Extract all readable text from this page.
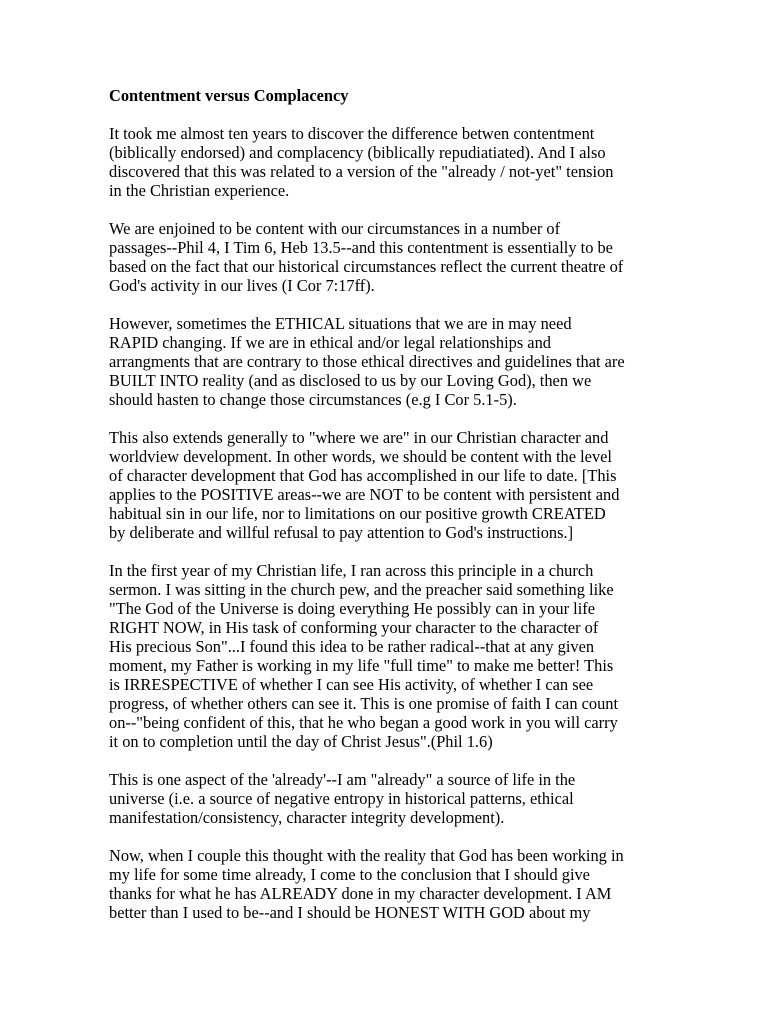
Contentment versus Complacency
It took me almost ten years to discover the difference betwen contentment
(biblically endorsed) and complacency (biblically repudiatiated). And I also
discovered that this was related to a version of the "already / not-yet" tension
in the Christian experience.
We are enjoined to be content with our circumstances in a number of
passages--Phil 4, I Tim 6, Heb 13.5--and this contentment is essentially to be
based on the fact that our historical circumstances reflect the current theatre of
God's activity in our lives (I Cor 7:17ff).
However, sometimes the ETHICAL situations that we are in may need
RAPID changing. If we are in ethical and/or legal relationships and
arrangments that are contrary to those ethical directives and guidelines that are
BUILT INTO reality (and as disclosed to us by our Loving God), then we
should hasten to change those circumstances (e.g I Cor 5.1-5).
This also extends generally to "where we are" in our Christian character and
worldview development. In other words, we should be content with the level
of character development that God has accomplished in our life to date. [This
applies to the POSITIVE areas--we are NOT to be content with persistent and
habitual sin in our life, nor to limitations on our positive growth CREATED
by deliberate and willful refusal to pay attention to God's instructions.]
In the first year of my Christian life, I ran across this principle in a church
sermon. I was sitting in the church pew, and the preacher said something like
"The God of the Universe is doing everything He possibly can in your life
RIGHT NOW, in His task of conforming your character to the character of
His precious Son"...I found this idea to be rather radical--that at any given
moment, my Father is working in my life "full time" to make me better! This
is IRRESPECTIVE of whether I can see His activity, of whether I can see
progress, of whether others can see it. This is one promise of faith I can count
on--"being confident of this, that he who began a good work in you will carry
it on to completion until the day of Christ Jesus".(Phil 1.6)
This is one aspect of the 'already'--I am "already" a source of life in the
universe (i.e. a source of negative entropy in historical patterns, ethical
manifestation/consistency, character integrity development).
Now, when I couple this thought with the reality that God has been working in
my life for some time already, I come to the conclusion that I should give
thanks for what he has ALREADY done in my character development. I AM
better than I used to be--and I should be HONEST WITH GOD about my
